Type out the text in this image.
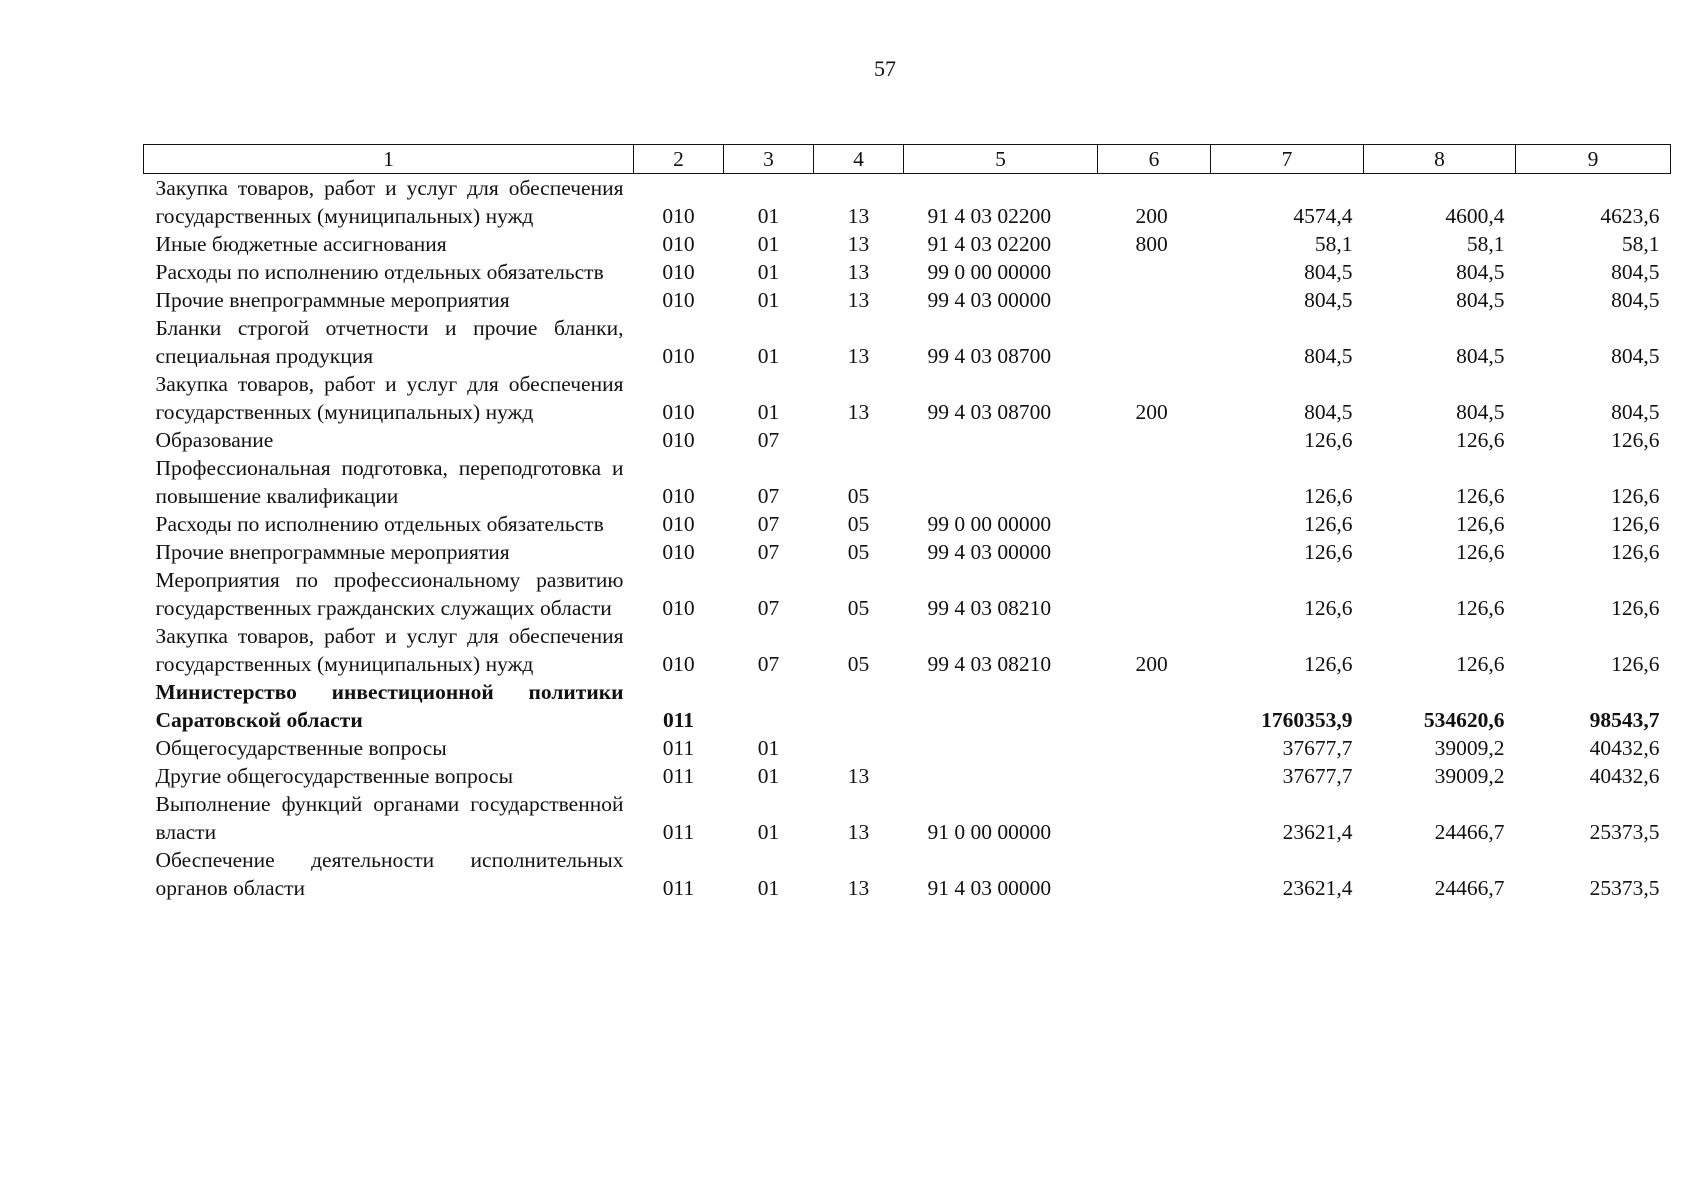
57
1	2	3	4	5	6	7	8	9
Закупка товаров, работ и услуг для обеспечения государственных (муниципальных) нужд	010	01	13	91 4 03 02200	200	4574,4	4600,4	4623,6
Иные бюджетные ассигнования	010	01	13	91 4 03 02200	800	58,1	58,1	58,1
Расходы по исполнению отдельных обязательств	010	01	13	99 0 00 00000		804,5	804,5	804,5
Прочие внепрограммные мероприятия	010	01	13	99 4 03 00000		804,5	804,5	804,5
Бланки строгой отчетности и прочие бланки, специальная продукция	010	01	13	99 4 03 08700		804,5	804,5	804,5
Закупка товаров, работ и услуг для обеспечения государственных (муниципальных) нужд	010	01	13	99 4 03 08700	200	804,5	804,5	804,5
Образование	010	07				126,6	126,6	126,6
Профессиональная подготовка, переподготовка и повышение квалификации	010	07	05			126,6	126,6	126,6
Расходы по исполнению отдельных обязательств	010	07	05	99 0 00 00000		126,6	126,6	126,6
Прочие внепрограммные мероприятия	010	07	05	99 4 03 00000		126,6	126,6	126,6
Мероприятия по профессиональному развитию государственных гражданских служащих области	010	07	05	99 4 03 08210		126,6	126,6	126,6
Закупка товаров, работ и услуг для обеспечения государственных (муниципальных) нужд	010	07	05	99 4 03 08210	200	126,6	126,6	126,6
Министерство инвестиционной политики Саратовской области	011					1760353,9	534620,6	98543,7
Общегосударственные вопросы	011	01				37677,7	39009,2	40432,6
Другие общегосударственные вопросы	011	01	13			37677,7	39009,2	40432,6
Выполнение функций органами государственной власти	011	01	13	91 0 00 00000		23621,4	24466,7	25373,5
Обеспечение деятельности исполнительных органов области	011	01	13	91 4 03 00000		23621,4	24466,7	25373,5
